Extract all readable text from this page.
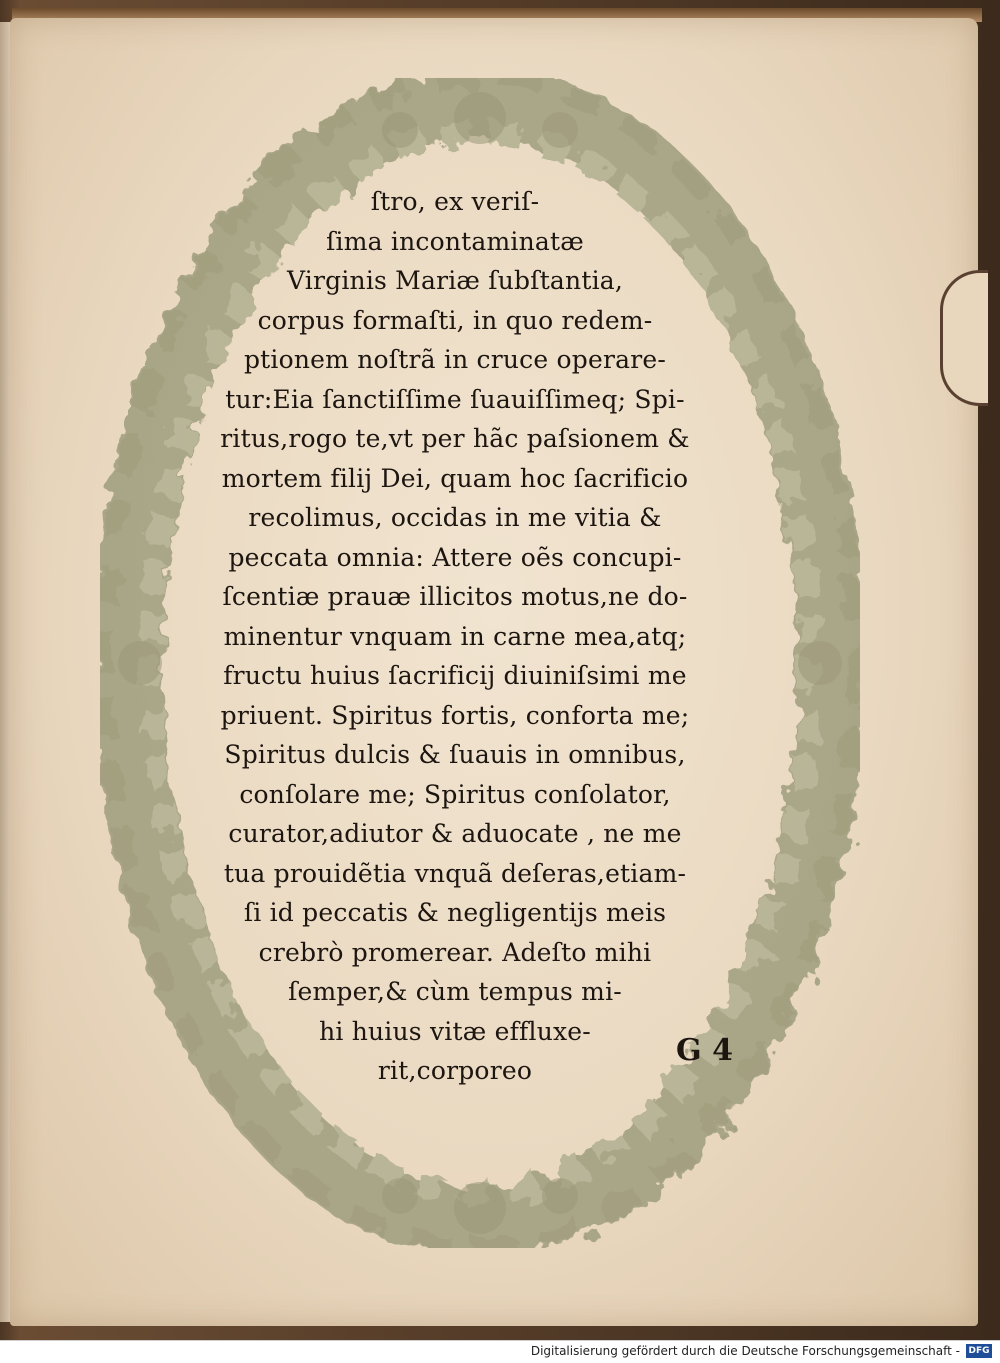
ſtro, ex veriſ-
ſima incontaminatæ
Virginis Mariæ ſubſtantia,
corpus formaſti, in quo redem-
ptionem noſtrã in cruce operare-
tur:Eia ſanctiſſime ſuauiſſimeq; Spi-
ritus,rogo te,vt per hãc paſsionem &
mortem filij Dei, quam hoc ſacrificio
recolimus, occidas in me vitia &
peccata omnia: Attere oẽs concupi-
ſcentiæ prauæ illicitos motus,ne do-
minentur vnquam in carne mea,atq;
fructu huius ſacrificij diuiniſsimi me
priuent. Spiritus fortis, conforta me;
Spiritus dulcis & ſuauis in omnibus,
conſolare me; Spiritus conſolator,
curator,adiutor & aduocate , ne me
tua prouidẽtia vnquã deſeras,etiam-
ſi id peccatis & negligentijs meis
crebrò promerear. Adeſto mihi
ſemper,& cùm tempus mi-
hi huius vitæ effluxe-
rit,corporeo
G 4
Digitalisierung gefördert durch die Deutsche Forschungsgemeinschaft - DFG
